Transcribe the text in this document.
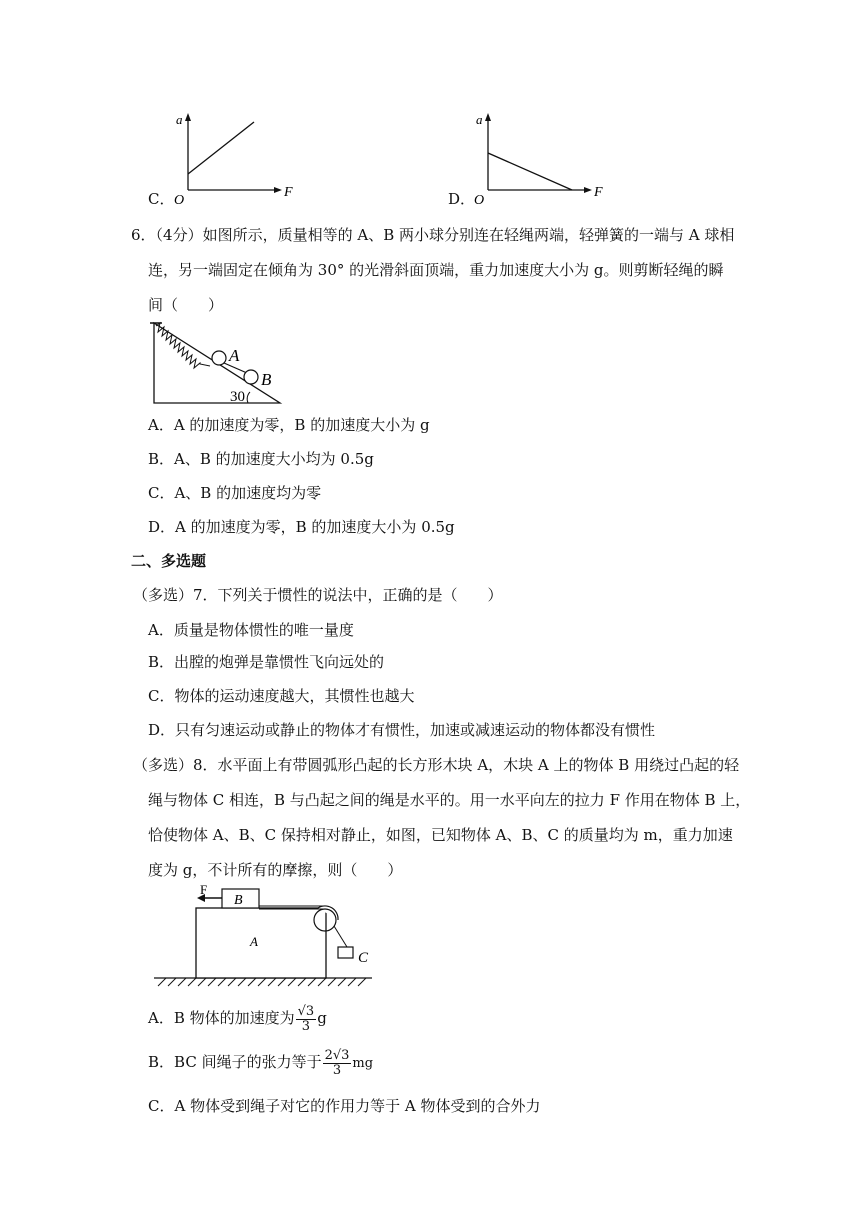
C．
a
F
O	D．
a
F
O
6．（4分）如图所示，质量相等的 A、B 两小球分别连在轻绳两端，轻弹簧的一端与 A 球相
连，另一端固定在倾角为 30° 的光滑斜面顶端，重力加速度大小为 g。则剪断轻绳的瞬
间（　　）
A
B
30
A．A 的加速度为零，B 的加速度大小为 g
B．A、B 的加速度大小均为 0.5g
C．A、B 的加速度均为零
D．A 的加速度为零，B 的加速度大小为 0.5g
二、多选题
（多选）7．下列关于惯性的说法中，正确的是（　　）
A．质量是物体惯性的唯一量度
B．出膛的炮弹是靠惯性飞向远处的
C．物体的运动速度越大，其惯性也越大
D．只有匀速运动或静止的物体才有惯性，加速或减速运动的物体都没有惯性
（多选）8．水平面上有带圆弧形凸起的长方形木块 A，木块 A 上的物体 B 用绕过凸起的轻
绳与物体 C 相连，B 与凸起之间的绳是水平的。用一水平向左的拉力 F 作用在物体 B 上，
恰使物体 A、B、C 保持相对静止，如图，已知物体 A、B、C 的质量均为 m，重力加速
度为 g，不计所有的摩擦，则（　　）
F
B
A
C
A．B 物体的加速度为 $\frac{√3}{3}$ g
B．BC 间绳子的张力等于 $\frac{2√3}{3}$ mg
C．A 物体受到绳子对它的作用力等于 A 物体受到的合外力
